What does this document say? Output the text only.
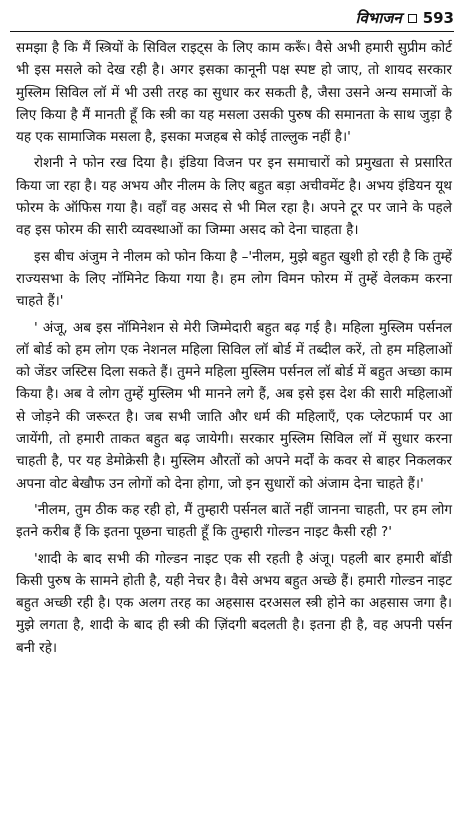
विभाजन 593

समझा है कि मैं स्त्रियों के सिविल राइट्स के लिए काम करूँ। वैसे अभी हमारी सुप्रीम कोर्ट भी इस मसले को देख रही है। अगर इसका कानूनी पक्ष स्पष्ट हो जाए, तो शायद सरकार मुस्लिम सिविल लॉ में भी उसी तरह का सुधार कर सकती है, जैसा उसने अन्य समाजों के लिए किया है मैं मानती हूँ कि स्त्री का यह मसला उसकी पुरुष की समानता के साथ जुड़ा है यह एक सामाजिक मसला है, इसका मजहब से कोई ताल्लुक नहीं है।'

रोशनी ने फोन रख दिया है। इंडिया विजन पर इन समाचारों को प्रमुखता से प्रसारित किया जा रहा है। यह अभय और नीलम के लिए बहुत बड़ा अचीवमेंट है। अभय इंडियन यूथ फोरम के ऑफिस गया है। वहाँ वह असद से भी मिल रहा है। अपने टूर पर जाने के पहले वह इस फोरम की सारी व्यवस्थाओं का जिम्मा असद को देना चाहता है।

इस बीच अंजुम ने नीलम को फोन किया है –'नीलम, मुझे बहुत खुशी हो रही है कि तुम्हें राज्यसभा के लिए नॉमिनेट किया गया है। हम लोग विमन फोरम में तुम्हें वेलकम करना चाहते हैं।'

' अंजू, अब इस नॉमिनेशन से मेरी जिम्मेदारी बहुत बढ़ गई है। महिला मुस्लिम पर्सनल लॉ बोर्ड को हम लोग एक नेशनल महिला सिविल लॉ बोर्ड में तब्दील करें, तो हम महिलाओं को जेंडर जस्टिस दिला सकते हैं। तुमने महिला मुस्लिम पर्सनल लॉ बोर्ड में बहुत अच्छा काम किया है। अब वे लोग तुम्हें मुस्लिम भी मानने लगे हैं, अब इसे इस देश की सारी महिलाओं से जोड़ने की जरूरत है। जब सभी जाति और धर्म की महिलाएँ, एक प्लेटफार्म पर आ जायेंगी, तो हमारी ताकत बहुत बढ़ जायेगी। सरकार मुस्लिम सिविल लॉ में सुधार करना चाहती है, पर यह डेमोक्रेसी है। मुस्लिम औरतों को अपने मर्दों के कवर से बाहर निकलकर अपना वोट बेखौफ उन लोगों को देना होगा, जो इन सुधारों को अंजाम देना चाहते हैं।'

'नीलम, तुम ठीक कह रही हो, मैं तुम्हारी पर्सनल बातें नहीं जानना चाहती, पर हम लोग इतने करीब हैं कि इतना पूछना चाहती हूँ कि तुम्हारी गोल्डन नाइट कैसी रही ?'

'शादी के बाद सभी की गोल्डन नाइट एक सी रहती है अंजू। पहली बार हमारी बॉडी किसी पुरुष के सामने होती है, यही नेचर है। वैसे अभय बहुत अच्छे हैं। हमारी गोल्डन नाइट बहुत अच्छी रही है। एक अलग तरह का अहसास दरअसल स्त्री होने का अहसास जगा है। मुझे लगता है, शादी के बाद ही स्त्री की ज़िंदगी बदलती है। इतना ही है, वह अपनी पर्सन बनी रहे।
